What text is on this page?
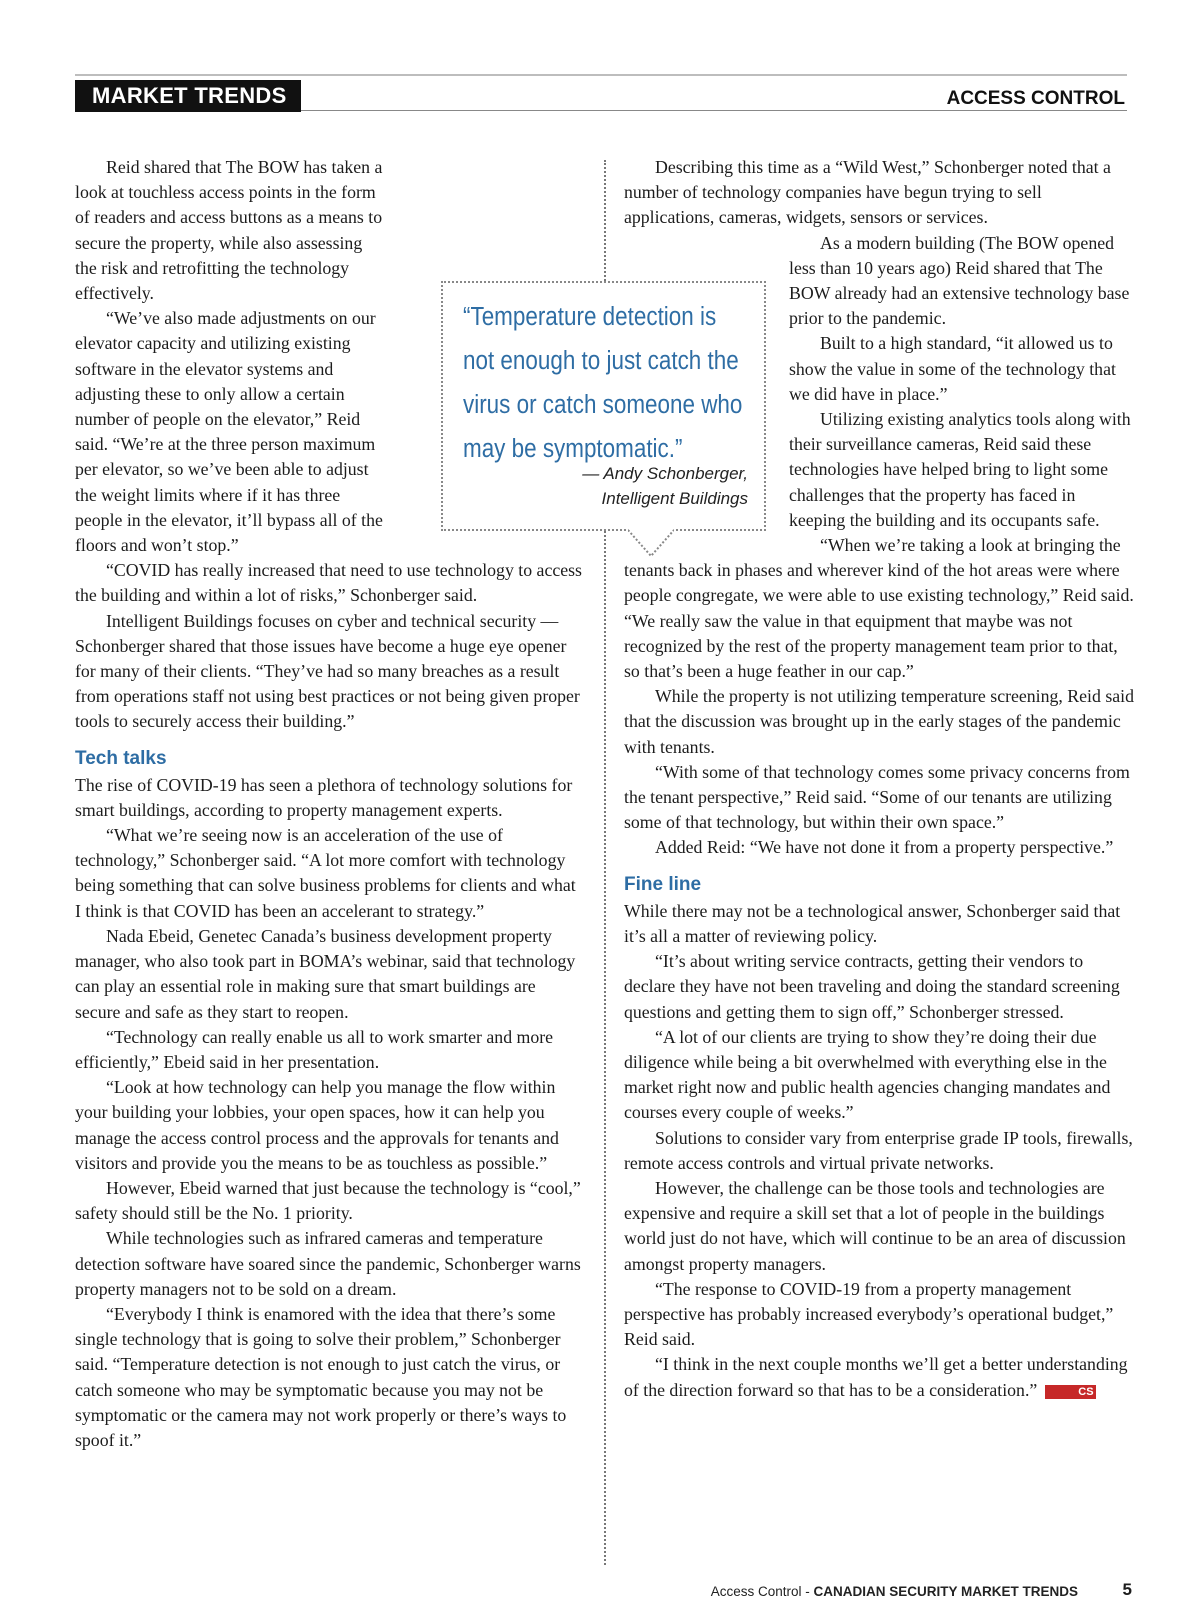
MARKET TRENDS	ACCESS CONTROL

Reid shared that The BOW has taken a look at touchless access points in the form of readers and access buttons as a means to secure the property, while also assessing the risk and retrofitting the technology effectively.

“We’ve also made adjustments on our elevator capacity and utilizing existing software in the elevator systems and adjusting these to only allow a certain number of people on the elevator,” Reid said. “We’re at the three person maximum per elevator, so we’ve been able to adjust the weight limits where if it has three people in the elevator, it’ll bypass all of the floors and won’t stop.”

“COVID has really increased that need to use technology to access the building and within a lot of risks,” Schonberger said.

Intelligent Buildings focuses on cyber and technical security — Schonberger shared that those issues have become a huge eye opener for many of their clients. “They’ve had so many breaches as a result from operations staff not using best practices or not being given proper tools to securely access their building.”

Tech talks

The rise of COVID-19 has seen a plethora of technology solutions for smart buildings, according to property management experts.

“What we’re seeing now is an acceleration of the use of technology,” Schonberger said. “A lot more comfort with technology being something that can solve business problems for clients and what I think is that COVID has been an accelerant to strategy.”

Nada Ebeid, Genetec Canada’s business development property manager, who also took part in BOMA’s webinar, said that technology can play an essential role in making sure that smart buildings are secure and safe as they start to reopen.

“Technology can really enable us all to work smarter and more efficiently,” Ebeid said in her presentation.

“Look at how technology can help you manage the flow within your building your lobbies, your open spaces, how it can help you manage the access control process and the approvals for tenants and visitors and provide you the means to be as touchless as possible.”

However, Ebeid warned that just because the technology is “cool,” safety should still be the No. 1 priority.

While technologies such as infrared cameras and temperature detection software have soared since the pandemic, Schonberger warns property managers not to be sold on a dream.

“Everybody I think is enamored with the idea that there’s some single technology that is going to solve their problem,” Schonberger said. “Temperature detection is not enough to just catch the virus, or catch someone who may be symptomatic because you may not be symptomatic or the camera may not work properly or there’s ways to spoof it.”

Describing this time as a “Wild West,” Schonberger noted that a number of technology companies have begun trying to sell applications, cameras, widgets, sensors or services.

As a modern building (The BOW opened less than 10 years ago) Reid shared that The BOW already had an extensive technology base prior to the pandemic.

Built to a high standard, “it allowed us to show the value in some of the technology that we did have in place.”

Utilizing existing analytics tools along with their surveillance cameras, Reid said these technologies have helped bring to light some challenges that the property has faced in keeping the building and its occupants safe.

“When we’re taking a look at bringing the tenants back in phases and wherever kind of the hot areas were where people congregate, we were able to use existing technology,” Reid said. “We really saw the value in that equipment that maybe was not recognized by the rest of the property management team prior to that, so that’s been a huge feather in our cap.”

While the property is not utilizing temperature screening, Reid said that the discussion was brought up in the early stages of the pandemic with tenants.

“With some of that technology comes some privacy concerns from the tenant perspective,” Reid said. “Some of our tenants are utilizing some of that technology, but within their own space.”

Added Reid: “We have not done it from a property perspective.”

Fine line

While there may not be a technological answer, Schonberger said that it’s all a matter of reviewing policy.

“It’s about writing service contracts, getting their vendors to declare they have not been traveling and doing the standard screening questions and getting them to sign off,” Schonberger stressed.

“A lot of our clients are trying to show they’re doing their due diligence while being a bit overwhelmed with everything else in the market right now and public health agencies changing mandates and courses every couple of weeks.”

Solutions to consider vary from enterprise grade IP tools, firewalls, remote access controls and virtual private networks.

However, the challenge can be those tools and technologies are expensive and require a skill set that a lot of people in the buildings world just do not have, which will continue to be an area of discussion amongst property managers.

“The response to COVID-19 from a property management perspective has probably increased everybody’s operational budget,” Reid said.

“I think in the next couple months we’ll get a better understanding of the direction forward so that has to be a consideration.”	CS

“Temperature detection is
not enough to just catch the
virus or catch someone who
may be symptomatic.”
— Andy Schonberger,
Intelligent Buildings
Access Control - CANADIAN SECURITY MARKET TRENDS	5
